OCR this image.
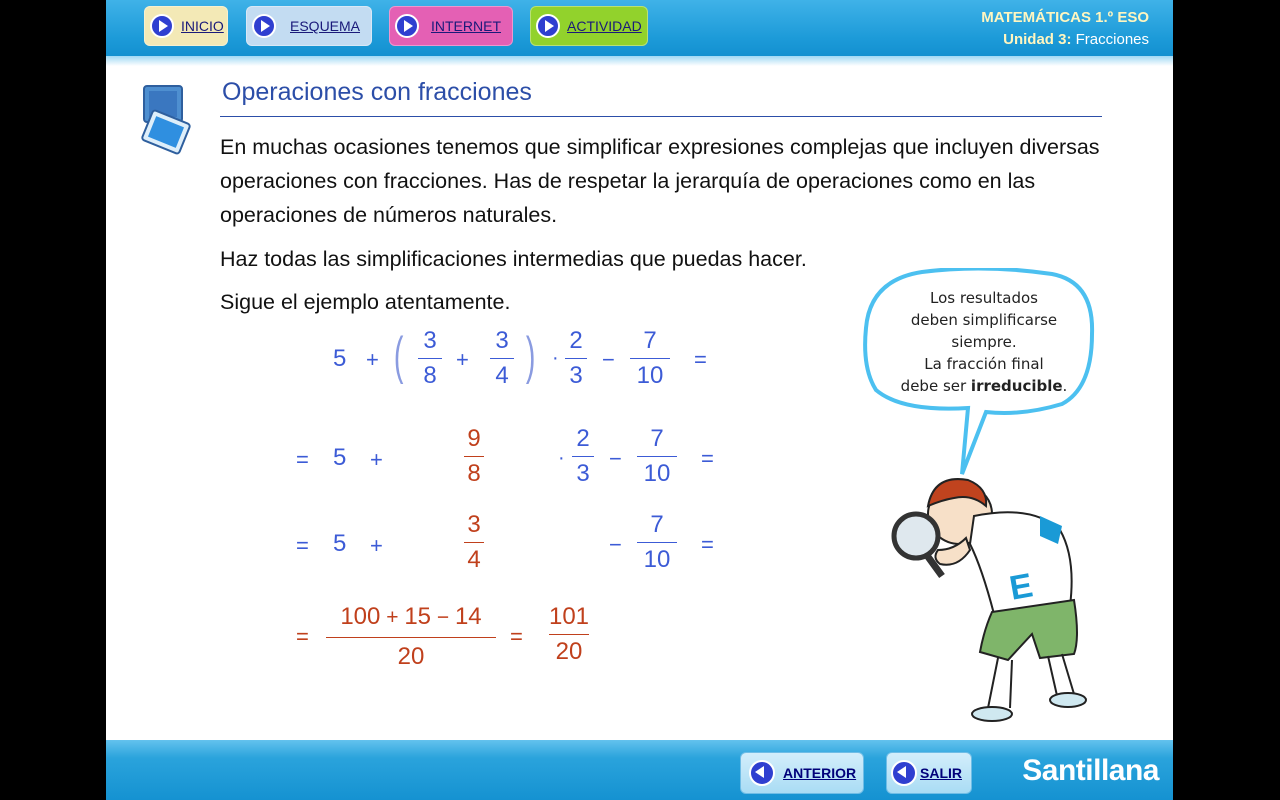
INICIO	ESQUEMA	INTERNET	ACTIVIDAD	MATEMÁTICAS 1.º ESO
Unidad 3: Fracciones
Operaciones con fracciones

En muchas ocasiones tenemos que simplificar expresiones complejas que incluyen diversas operaciones con fracciones. Has de respetar la jerarquía de operaciones como en las operaciones de números naturales.

Haz todas las simplificaciones intermedias que puedas hacer.

Sigue el ejemplo atentamente.

5 + ( 3
8
+
3
4 ) ·
2
3
−
7
10
=
= 5 +
9
8
·
2
3
−
7
10
=
= 5 +
3
4
−
7
10
=
=
100 + 15 − 14
20
=
101
20
E
Los resultados
deben simplificarse
siempre.
La fracción final
debe ser irreducible.
ANTERIOR	SALIR Santillana
